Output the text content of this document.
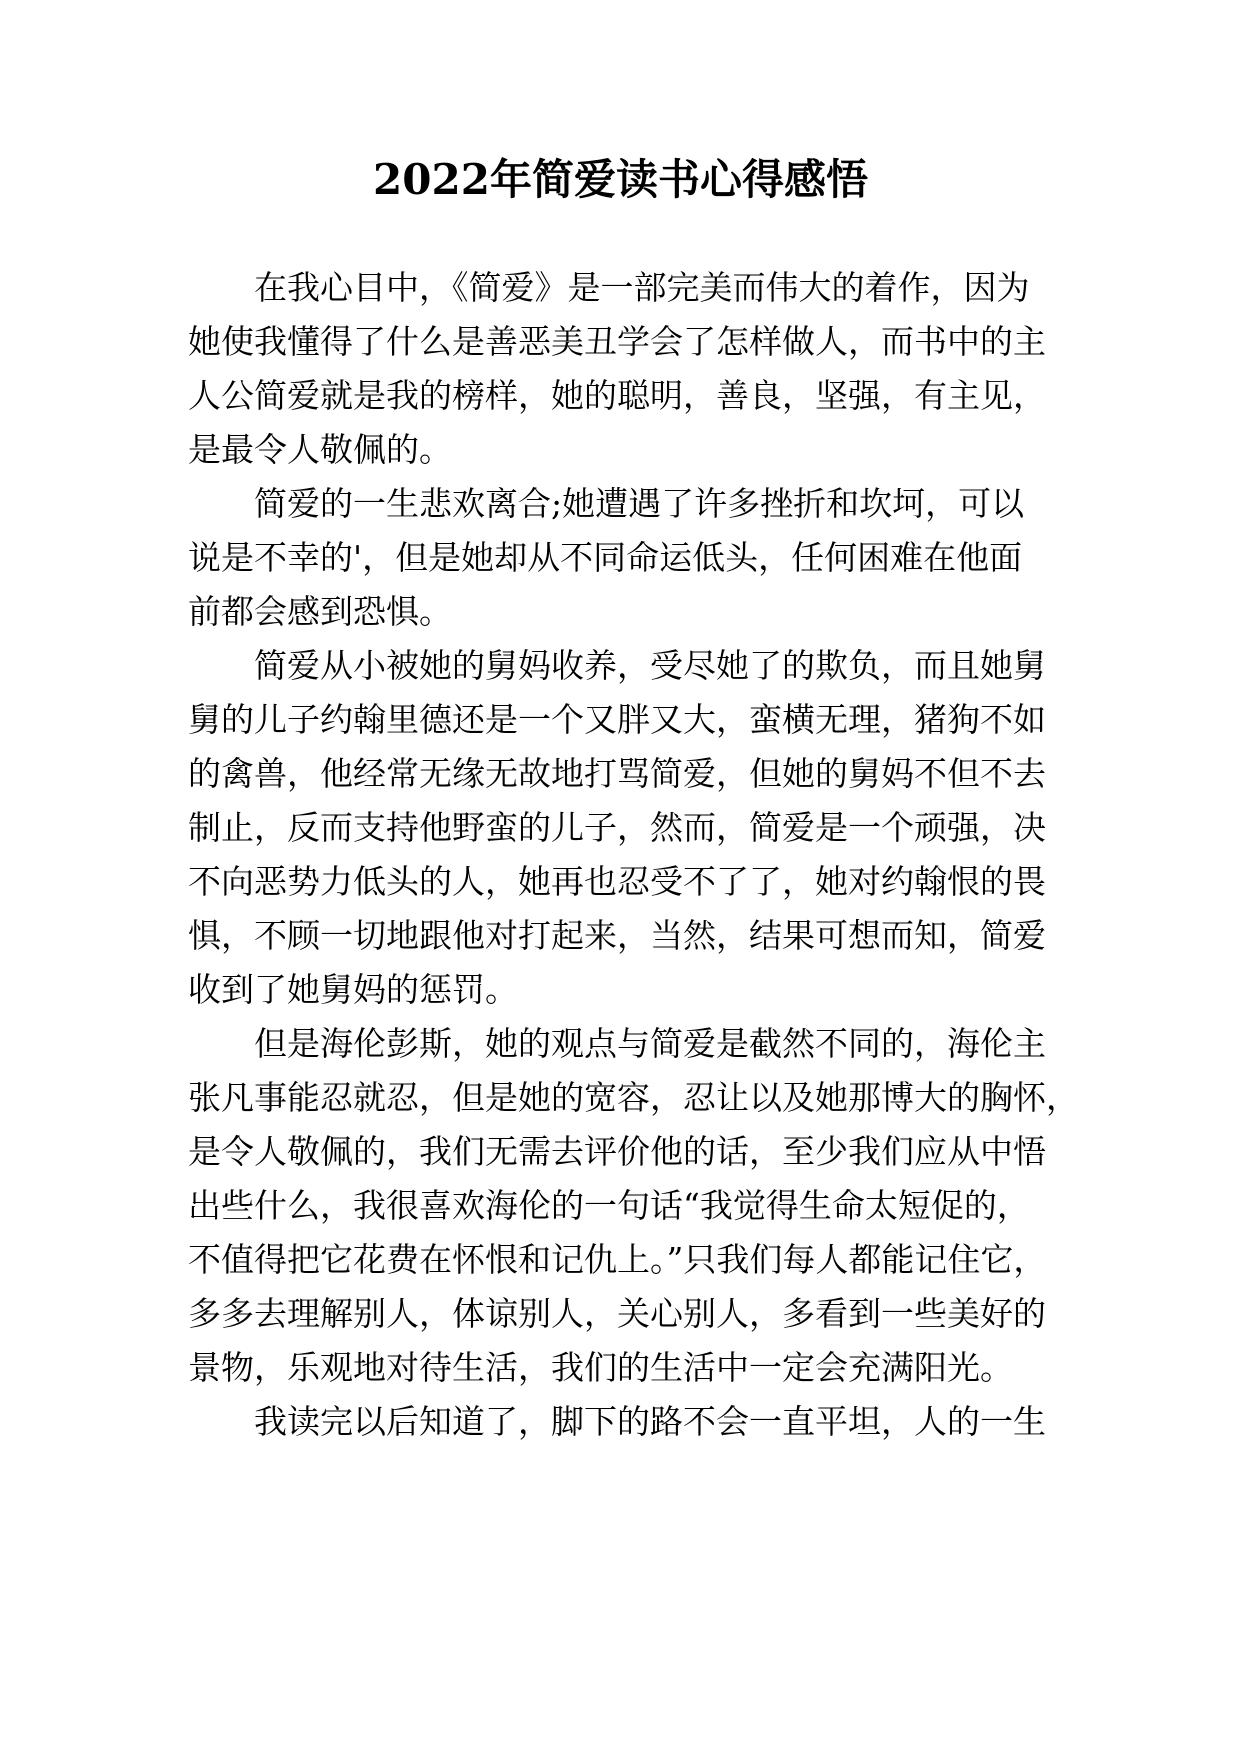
2022年简爱读书心得感悟
在我心目中，《简爱》是一部完美而伟大的着作，因为
她使我懂得了什么是善恶美丑学会了怎样做人，而书中的主
人公简爱就是我的榜样，她的聪明，善良，坚强，有主见，
是最令人敬佩的。
简爱的一生悲欢离合;她遭遇了许多挫折和坎坷，可以
说是不幸的'，但是她却从不同命运低头，任何困难在他面
前都会感到恐惧。
简爱从小被她的舅妈收养，受尽她了的欺负，而且她舅
舅的儿子约翰里德还是一个又胖又大，蛮横无理，猪狗不如
的禽兽，他经常无缘无故地打骂简爱，但她的舅妈不但不去
制止，反而支持他野蛮的儿子，然而，简爱是一个顽强，决
不向恶势力低头的人，她再也忍受不了了，她对约翰恨的畏
惧，不顾一切地跟他对打起来，当然，结果可想而知，简爱
收到了她舅妈的惩罚。
但是海伦彭斯，她的观点与简爱是截然不同的，海伦主
张凡事能忍就忍，但是她的宽容，忍让以及她那博大的胸怀，
是令人敬佩的，我们无需去评价他的话，至少我们应从中悟
出些什么，我很喜欢海伦的一句话“我觉得生命太短促的，
不值得把它花费在怀恨和记仇上。”只我们每人都能记住它，
多多去理解别人，体谅别人，关心别人，多看到一些美好的
景物，乐观地对待生活，我们的生活中一定会充满阳光。
我读完以后知道了，脚下的路不会一直平坦，人的一生
